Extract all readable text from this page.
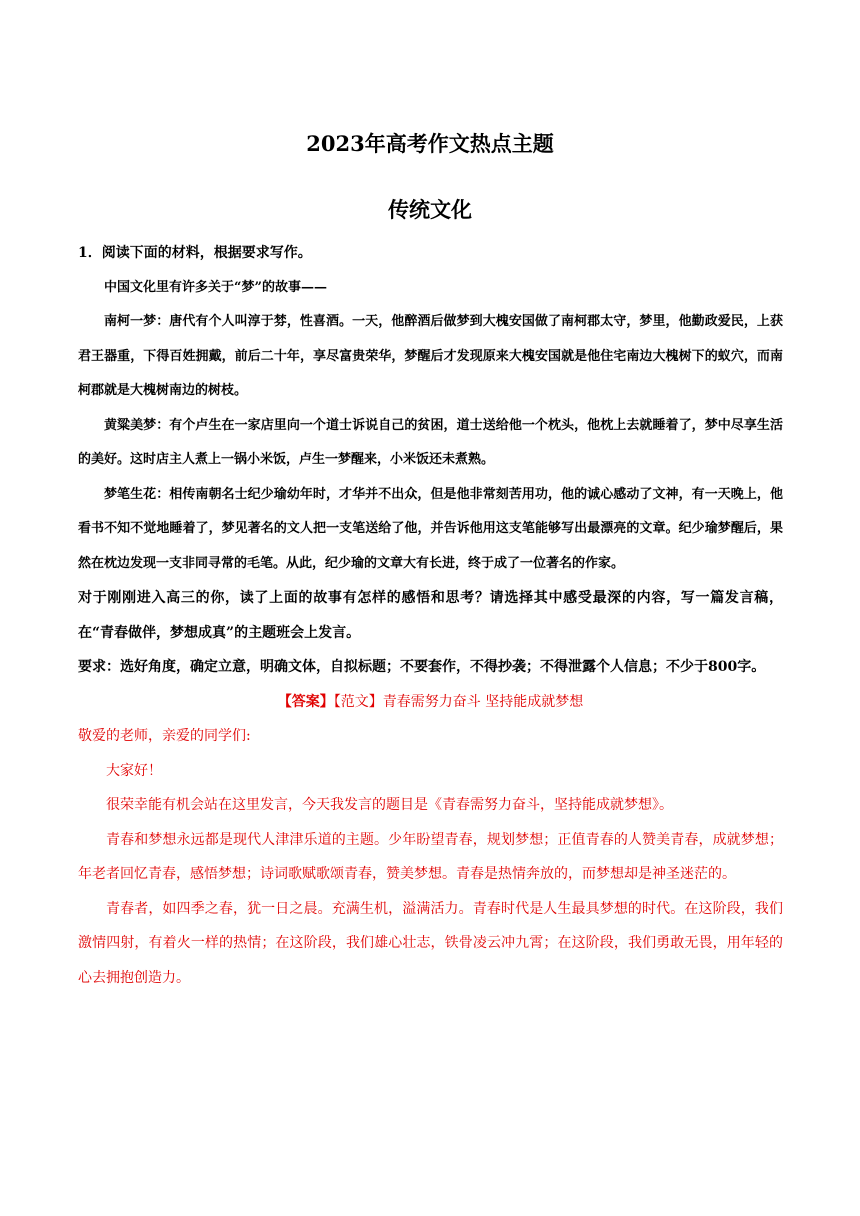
2023年高考作文热点主题
传统文化

1．阅读下面的材料，根据要求写作。

中国文化里有许多关于“梦”的故事——

南柯一梦：唐代有个人叫淳于棼，性喜酒。一天，他醉酒后做梦到大槐安国做了南柯郡太守，梦里，他勤政爱民，上获君王器重，下得百姓拥戴，前后二十年，享尽富贵荣华，梦醒后才发现原来大槐安国就是他住宅南边大槐树下的蚁穴，而南柯郡就是大槐树南边的树枝。

黄粱美梦：有个卢生在一家店里向一个道士诉说自己的贫困，道士送给他一个枕头，他枕上去就睡着了，梦中尽享生活的美好。这时店主人煮上一锅小米饭，卢生一梦醒来，小米饭还未煮熟。

梦笔生花：相传南朝名士纪少瑜幼年时，才华并不出众，但是他非常刻苦用功，他的诚心感动了文神，有一天晚上，他看书不知不觉地睡着了，梦见著名的文人把一支笔送给了他，并告诉他用这支笔能够写出最漂亮的文章。纪少瑜梦醒后，果然在枕边发现一支非同寻常的毛笔。从此，纪少瑜的文章大有长进，终于成了一位著名的作家。

对于刚刚进入高三的你，读了上面的故事有怎样的感悟和思考？请选择其中感受最深的内容，写一篇发言稿，在“青春做伴，梦想成真”的主题班会上发言。

要求：选好角度，确定立意，明确文体，自拟标题；不要套作，不得抄袭；不得泄露个人信息；不少于800字。

【答案】【范文】青春需努力奋斗 坚持能成就梦想

敬爱的老师，亲爱的同学们:

大家好！

很荣幸能有机会站在这里发言，今天我发言的题目是《青春需努力奋斗，坚持能成就梦想》。

青春和梦想永远都是现代人津津乐道的主题。少年盼望青春，规划梦想；正值青春的人赞美青春，成就梦想；年老者回忆青春，感悟梦想；诗词歌赋歌颂青春，赞美梦想。青春是热情奔放的，而梦想却是神圣迷茫的。

青春者，如四季之春，犹一日之晨。充满生机，溢满活力。青春时代是人生最具梦想的时代。在这阶段，我们激情四射，有着火一样的热情；在这阶段，我们雄心壮志，铁骨凌云冲九霄；在这阶段，我们勇敢无畏，用年轻的心去拥抱创造力。
